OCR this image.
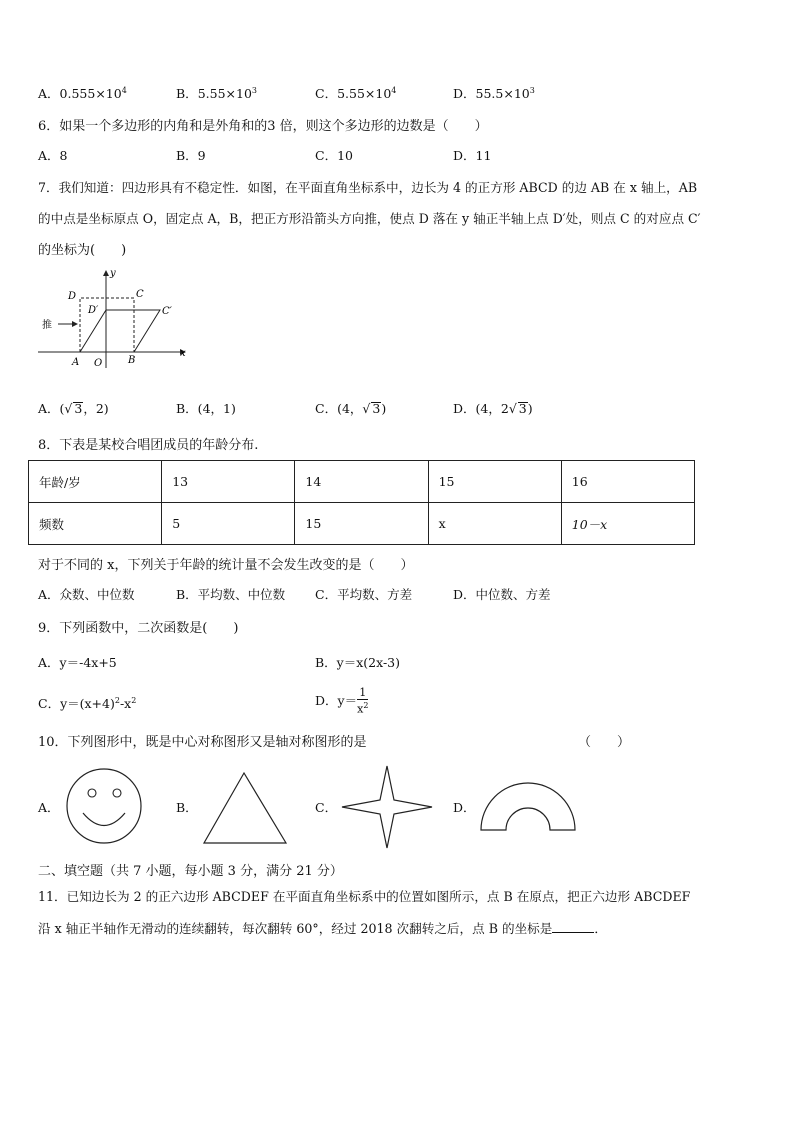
A．$0.555\times 10^4$	B．$5.55\times 10^3$	C．$5.55\times 10^4$	D．$55.5\times 10^3$
6．如果一个多边形的内角和是外角和的3 倍，则这个多边形的边数是（　　）
A．8	B．9	C．10	D．11
7．我们知道：四边形具有不稳定性．如图，在平面直角坐标系中，边长为 4 的正方形 ABCD 的边 AB 在 x 轴上，AB
的中点是坐标原点 O，固定点 A，B，把正方形沿箭头方向推，使点 D 落在 y 轴正半轴上点 D′处，则点 C 的对应点 C′
的坐标为(　　)
y
x
D	C
D′	C′
A O	B
推
A．(√ 3，2)	B．(4，1)	C．(4，√ 3)	D．(4，2√ 3)
8．下表是某校合唱团成员的年龄分布.
年龄/岁	13	14	15	16
频数	5	15	x	10－x
对于不同的 x，下列关于年龄的统计量不会发生改变的是（　　）
A．众数、中位数	B．平均数、中位数 C．平均数、方差	D．中位数、方差
9．下列函数中，二次函数是(　　)
A．y＝-4x+5	B．y＝x(2x-3)
C．$y=(x+4)^2-x^2$	D．$y= \frac{1}{x^2}$
10．下列图形中，既是中心对称图形又是轴对称图形的是	（　　）
A．	B．	C．	D．
二、填空题（共 7 小题，每小题 3 分，满分 21 分）
11．已知边长为 2 的正六边形 ABCDEF 在平面直角坐标系中的位置如图所示，点 B 在原点，把正六边形 ABCDEF
沿 x 轴正半轴作无滑动的连续翻转，每次翻转 60°，经过 2018 次翻转之后，点 B 的坐标是	．
